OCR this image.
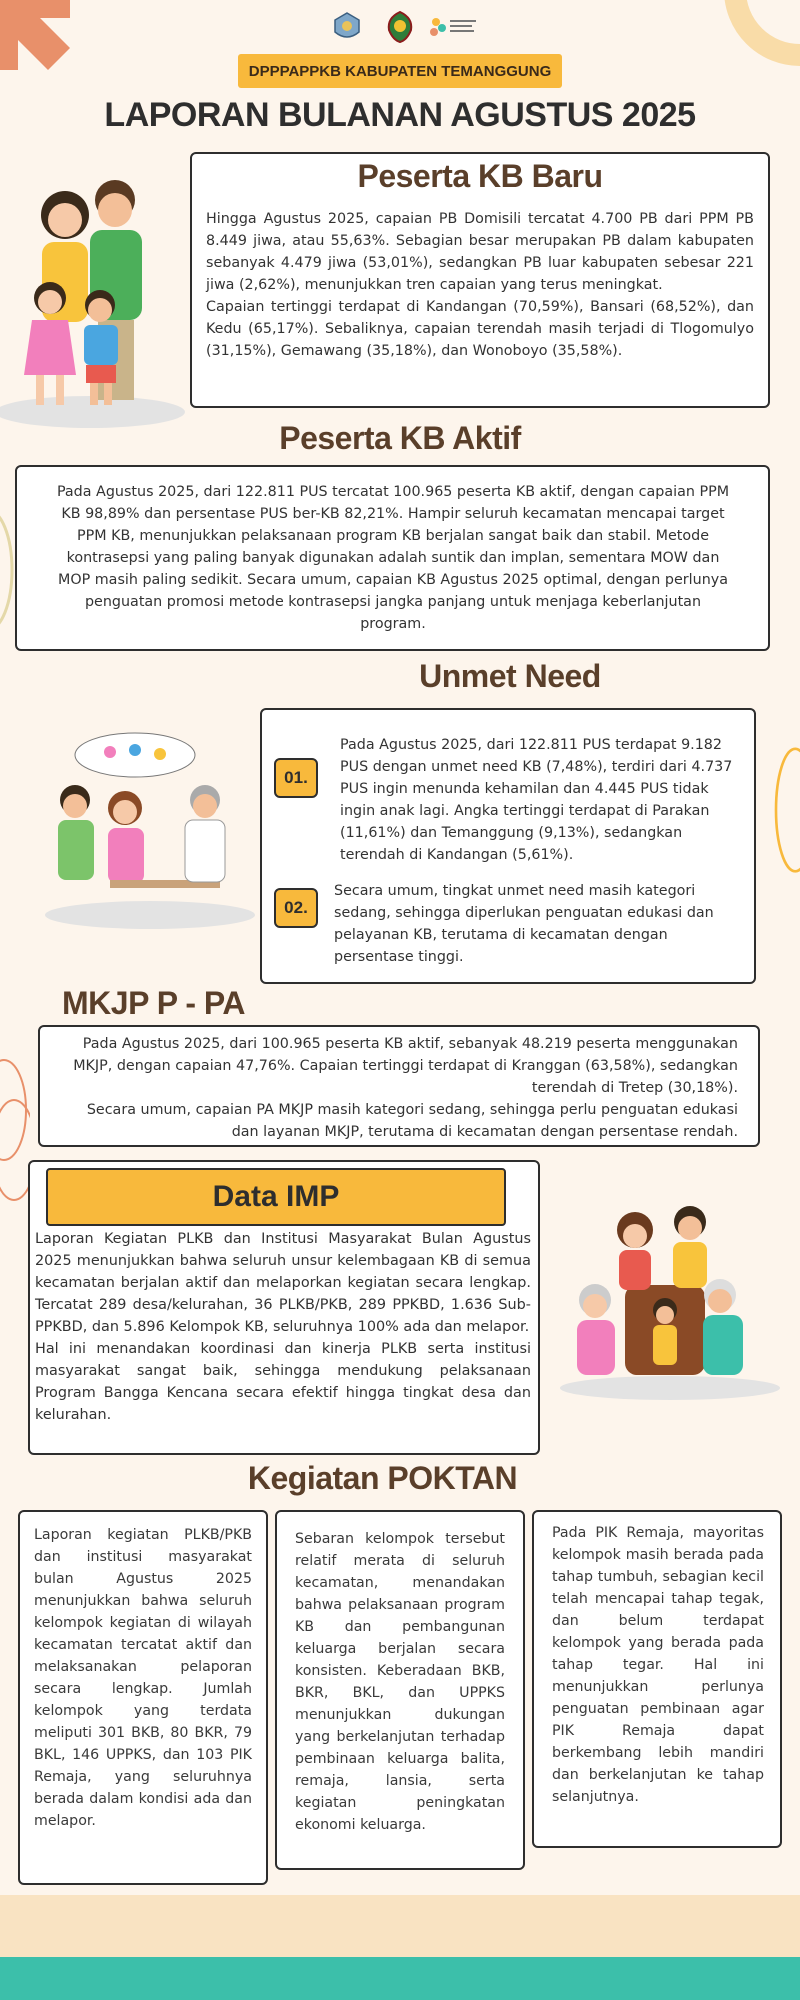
DPPPAPPKB KABUPATEN TEMANGGUNG
LAPORAN BULANAN AGUSTUS 2025
Peserta KB Baru
Hingga Agustus 2025, capaian PB Domisili tercatat 4.700 PB dari PPM PB 8.449 jiwa, atau 55,63%. Sebagian besar merupakan PB dalam kabupaten sebanyak 4.479 jiwa (53,01%), sedangkan PB luar kabupaten sebesar 221 jiwa (2,62%), menunjukkan tren capaian yang terus meningkat.
Capaian tertinggi terdapat di Kandangan (70,59%), Bansari (68,52%), dan Kedu (65,17%). Sebaliknya, capaian terendah masih terjadi di Tlogomulyo (31,15%), Gemawang (35,18%), dan Wonoboyo (35,58%).
Peserta KB Aktif
Pada Agustus 2025, dari 122.811 PUS tercatat 100.965 peserta KB aktif, dengan capaian PPM KB 98,89% dan persentase PUS ber-KB 82,21%. Hampir seluruh kecamatan mencapai target PPM KB, menunjukkan pelaksanaan program KB berjalan sangat baik dan stabil. Metode kontrasepsi yang paling banyak digunakan adalah suntik dan implan, sementara MOW dan MOP masih paling sedikit. Secara umum, capaian KB Agustus 2025 optimal, dengan perlunya penguatan promosi metode kontrasepsi jangka panjang untuk menjaga keberlanjutan program.
Unmet Need
01.
Pada Agustus 2025, dari 122.811 PUS terdapat 9.182 PUS dengan unmet need KB (7,48%), terdiri dari 4.737 PUS ingin menunda kehamilan dan 4.445 PUS tidak ingin anak lagi. Angka tertinggi terdapat di Parakan (11,61%) dan Temanggung (9,13%), sedangkan terendah di Kandangan (5,61%).
02.
Secara umum, tingkat unmet need masih kategori sedang, sehingga diperlukan penguatan edukasi dan pelayanan KB, terutama di kecamatan dengan persentase tinggi.
MKJP P - PA
Pada Agustus 2025, dari 100.965 peserta KB aktif, sebanyak 48.219 peserta menggunakan MKJP, dengan capaian 47,76%. Capaian tertinggi terdapat di Kranggan (63,58%), sedangkan terendah di Tretep (30,18%).
Secara umum, capaian PA MKJP masih kategori sedang, sehingga perlu penguatan edukasi dan layanan MKJP, terutama di kecamatan dengan persentase rendah.
Data IMP
Laporan Kegiatan PLKB dan Institusi Masyarakat Bulan Agustus 2025 menunjukkan bahwa seluruh unsur kelembagaan KB di semua kecamatan berjalan aktif dan melaporkan kegiatan secara lengkap. Tercatat 289 desa/kelurahan, 36 PLKB/PKB, 289 PPKBD, 1.636 Sub-PPKBD, dan 5.896 Kelompok KB, seluruhnya 100% ada dan melapor.
Hal ini menandakan koordinasi dan kinerja PLKB serta institusi masyarakat sangat baik, sehingga mendukung pelaksanaan Program Bangga Kencana secara efektif hingga tingkat desa dan kelurahan.
Kegiatan POKTAN
Laporan kegiatan PLKB/PKB dan institusi masyarakat bulan Agustus 2025 menunjukkan bahwa seluruh kelompok kegiatan di wilayah kecamatan tercatat aktif dan melaksanakan pelaporan secara lengkap. Jumlah kelompok yang terdata meliputi 301 BKB, 80 BKR, 79 BKL, 146 UPPKS, dan 103 PIK Remaja, yang seluruhnya berada dalam kondisi ada dan melapor.
Sebaran kelompok tersebut relatif merata di seluruh kecamatan, menandakan bahwa pelaksanaan program KB dan pembangunan keluarga berjalan secara konsisten. Keberadaan BKB, BKR, BKL, dan UPPKS menunjukkan dukungan yang berkelanjutan terhadap pembinaan keluarga balita, remaja, lansia, serta kegiatan peningkatan ekonomi keluarga.
Pada PIK Remaja, mayoritas kelompok masih berada pada tahap tumbuh, sebagian kecil telah mencapai tahap tegak, dan belum terdapat kelompok yang berada pada tahap tegar. Hal ini menunjukkan perlunya penguatan pembinaan agar PIK Remaja dapat berkembang lebih mandiri dan berkelanjutan ke tahap selanjutnya.
